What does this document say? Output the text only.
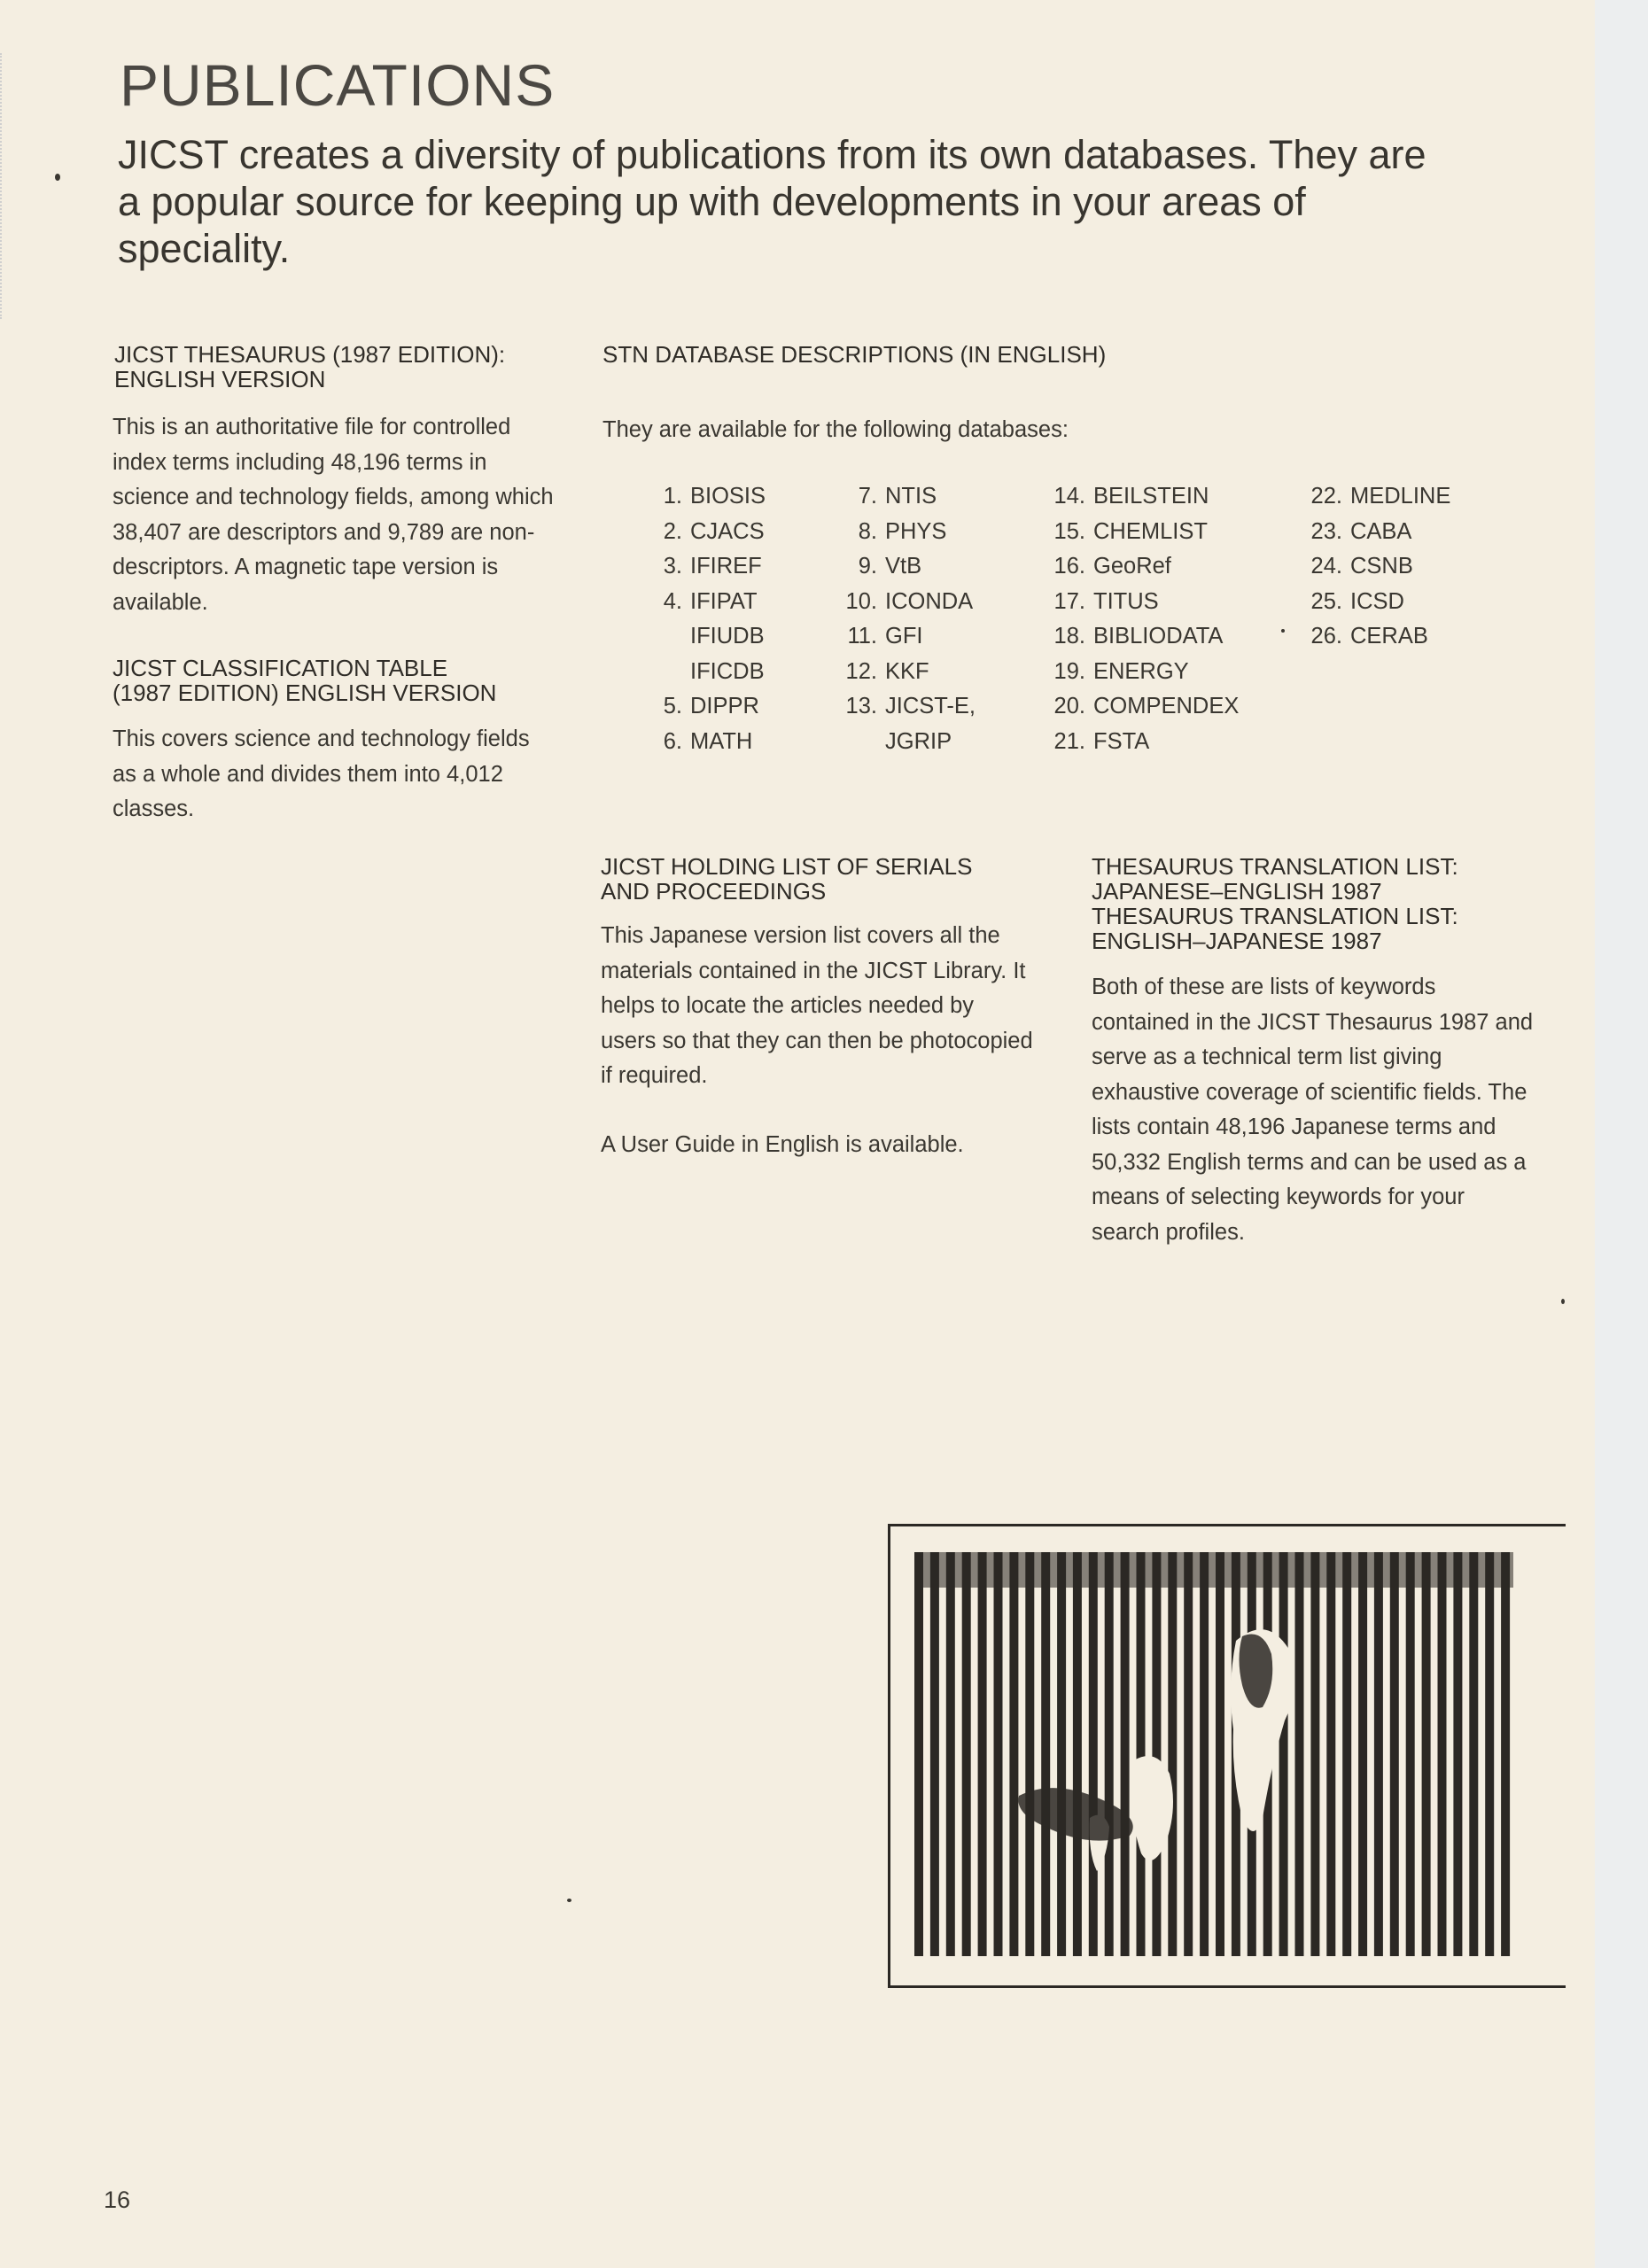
PUBLICATIONS

JICST creates a diversity of publications from its own databases. They are a popular source for keeping up with developments in your areas of speciality.

JICST THESAURUS (1987 EDITION):
ENGLISH VERSION

This is an authoritative file for controlled index terms including 48,196 terms in science and technology fields, among which 38,407 are descriptors and 9,789 are non-descriptors. A magnetic tape version is available.

JICST CLASSIFICATION TABLE
(1987 EDITION) ENGLISH VERSION

This covers science and technology fields as a whole and divides them into 4,012 classes.

STN DATABASE DESCRIPTIONS (IN ENGLISH)

They are available for the following databases:

1. BIOSIS
2. CJACS
3. IFIREF
4. IFIPAT
IFIUDB
IFICDB
5. DIPPR
6. MATH
7. NTIS
8. PHYS
9. VtB
10. ICONDA
11. GFI
12. KKF
13. JICST-E,
JGRIP
14. BEILSTEIN
15. CHEMLIST
16. GeoRef
17. TITUS
18. BIBLIODATA
19. ENERGY
20. COMPENDEX
21. FSTA
22. MEDLINE
23. CABA
24. CSNB
25. ICSD
26. CERAB
JICST HOLDING LIST OF SERIALS
AND PROCEEDINGS

This Japanese version list covers all the materials contained in the JICST Library. It helps to locate the articles needed by users so that they can then be photocopied if required.

A User Guide in English is available.

THESAURUS TRANSLATION LIST:
JAPANESE–ENGLISH 1987
THESAURUS TRANSLATION LIST:
ENGLISH–JAPANESE 1987

Both of these are lists of keywords contained in the JICST Thesaurus 1987 and serve as a technical term list giving exhaustive coverage of scientific fields. The lists contain 48,196 Japanese terms and 50,332 English terms and can be used as a means of selecting keywords for your search profiles.

16
